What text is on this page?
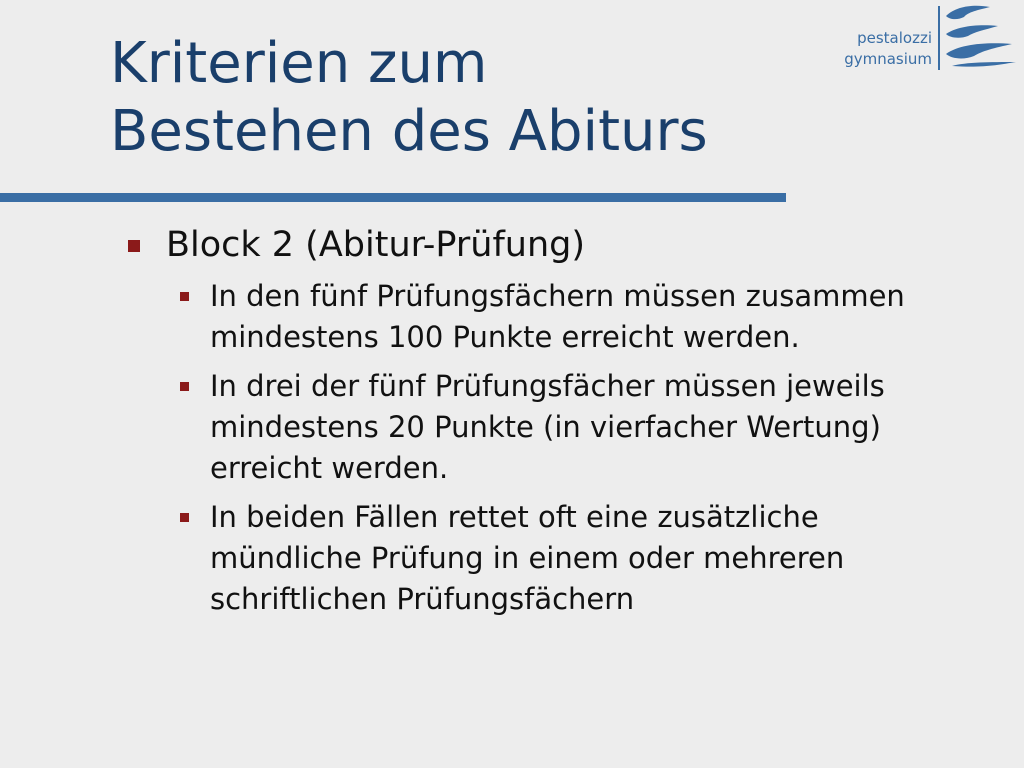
Kriterien zum
Bestehen des Abiturs
pestalozzi
gymnasium

Block 2 (Abitur-Prüfung)

In den fünf Prüfungsfächern müssen zusammen mindestens 100 Punkte erreicht werden.
In drei der fünf Prüfungsfächer müssen jeweils mindestens 20 Punkte (in vierfacher Wertung) erreicht werden.
In beiden Fällen rettet oft eine zusätzliche mündliche Prüfung in einem oder mehreren schriftlichen Prüfungsfächern
